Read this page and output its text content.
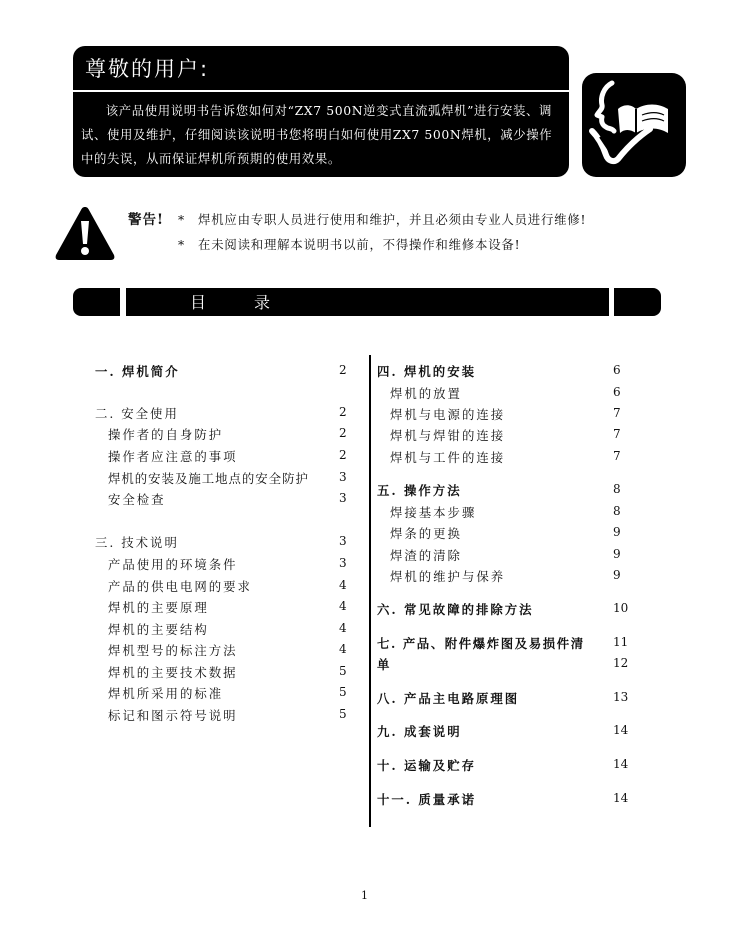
尊敬的用户:
该产品使用说明书告诉您如何对“ZX7 500N逆变式直流弧焊机”进行安装、调试、使用及维护，仔细阅读该说明书您将明白如何使用ZX7 500N焊机，减少操作中的失误，从而保证焊机所预期的使用效果。
警告! * 焊机应由专职人员进行使用和维护，并且必须由专业人员进行维修!
* 在未阅读和理解本说明书以前，不得操作和维修本设备!
目录
一. 焊机简介	2
二. 安全使用	2
操作者的自身防护	2
操作者应注意的事项	2
焊机的安装及施工地点的安全防护	3
安全检查	3
三. 技术说明	3
产品使用的环境条件	3
产品的供电电网的要求	4
焊机的主要原理	4
焊机的主要结构	4
焊机型号的标注方法	4
焊机的主要技术数据	5
焊机所采用的标准	5
标记和图示符号说明	5
四. 焊机的安装	6
焊机的放置	6
焊机与电源的连接	7
焊机与焊钳的连接	7
焊机与工件的连接	7
五. 操作方法	8
焊接基本步骤	8
焊条的更换	9
焊渣的清除	9
焊机的维护与保养	9
六. 常见故障的排除方法	10
七. 产品、附件爆炸图及易损件清 11
单	12
八. 产品主电路原理图	13
九. 成套说明	14
十. 运输及贮存	14
十一. 质量承诺	14
1
